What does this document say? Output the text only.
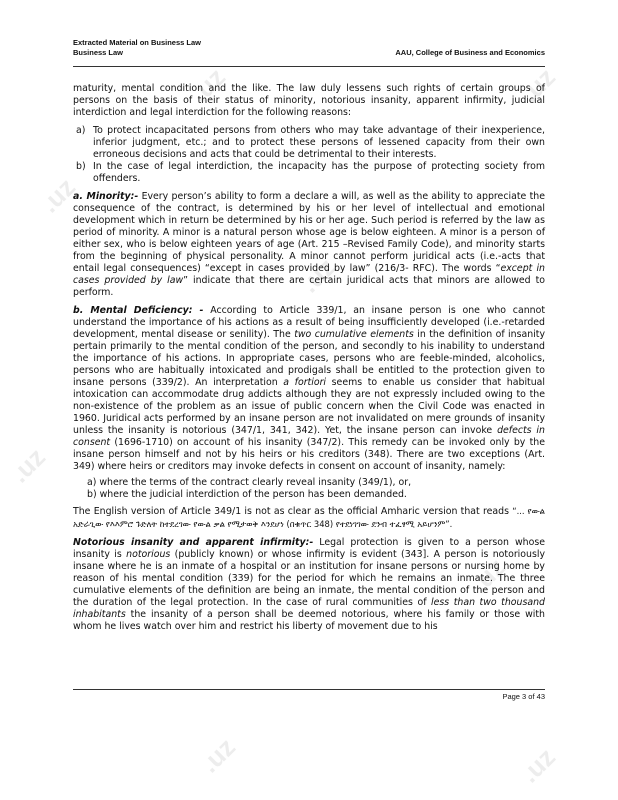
.uz	.uz
.uz
.uz
.uz
.uz
.uz	.uz
Extracted Material on Business Law
Business Law	AAU, College of Business and Economics

maturity, mental condition and the like. The law duly lessens such rights of certain groups of persons on the basis of their status of minority, notorious insanity, apparent infirmity, judicial interdiction and legal interdiction for the following reasons:

a) To protect incapacitated persons from others who may take advantage of their inexperience, inferior judgment, etc.; and to protect these persons of lessened capacity from their own erroneous decisions and acts that could be detrimental to their interests.
b) In the case of legal interdiction, the incapacity has the purpose of protecting society from offenders.

a. Minority:- Every person’s ability to form a declare a will, as well as the ability to appreciate the consequence of the contract, is determined by his or her level of intellectual and emotional development which in return be determined by his or her age. Such period is referred by the law as period of minority. A minor is a natural person whose age is below eighteen. A minor is a person of either sex, who is below eighteen years of age (Art. 215 –Revised Family Code), and minority starts from the beginning of physical personality. A minor cannot perform juridical acts (i.e.-acts that entail legal consequences) “except in cases provided by law” (216/3- RFC). The words “except in cases provided by law” indicate that there are certain juridical acts that minors are allowed to perform.

b. Mental Deficiency: - According to Article 339/1, an insane person is one who cannot understand the importance of his actions as a result of being insufficiently developed (i.e.-retarded development, mental disease or senility). The two cumulative elements in the definition of insanity pertain primarily to the mental condition of the person, and secondly to his inability to understand the importance of his actions. In appropriate cases, persons who are feeble-minded, alcoholics, persons who are habitually intoxicated and prodigals shall be entitled to the protection given to insane persons (339/2). An interpretation a fortiori seems to enable us consider that habitual intoxication can accommodate drug addicts although they are not expressly included owing to the non-existence of the problem as an issue of public concern when the Civil Code was enacted in 1960. Juridical acts performed by an insane person are not invalidated on mere grounds of insanity unless the insanity is notorious (347/1, 341, 342). Yet, the insane person can invoke defects in consent (1696-1710) on account of his insanity (347/2). This remedy can be invoked only by the insane person himself and not by his heirs or his creditors (348). There are two exceptions (Art. 349) where heirs or creditors may invoke defects in consent on account of insanity, namely:

a) where the terms of the contract clearly reveal insanity (349/1), or,
b) where the judicial interdiction of the person has been demanded.

The English version of Article 349/1 is not as clear as the official Amharic version that reads “... የውል አድራጊው የእእምሮ ጉድለት ከተደረገው የውል ቃል የሚታወቅ እንደሆነ (በቁጥር 348) የተደነገገው ደንብ ተፈፃሚ አይሆንም”.

Notorious insanity and apparent infirmity:- Legal protection is given to a person whose insanity is notorious (publicly known) or whose infirmity is evident (343]. A person is notoriously insane where he is an inmate of a hospital or an institution for insane persons or nursing home by reason of his mental condition (339) for the period for which he remains an inmate. The three cumulative elements of the definition are being an inmate, the mental condition of the person and the duration of the legal protection. In the case of rural communities of less than two thousand inhabitants the insanity of a person shall be deemed notorious, where his family or those with whom he lives watch over him and restrict his liberty of movement due to his

Page 3 of 43
